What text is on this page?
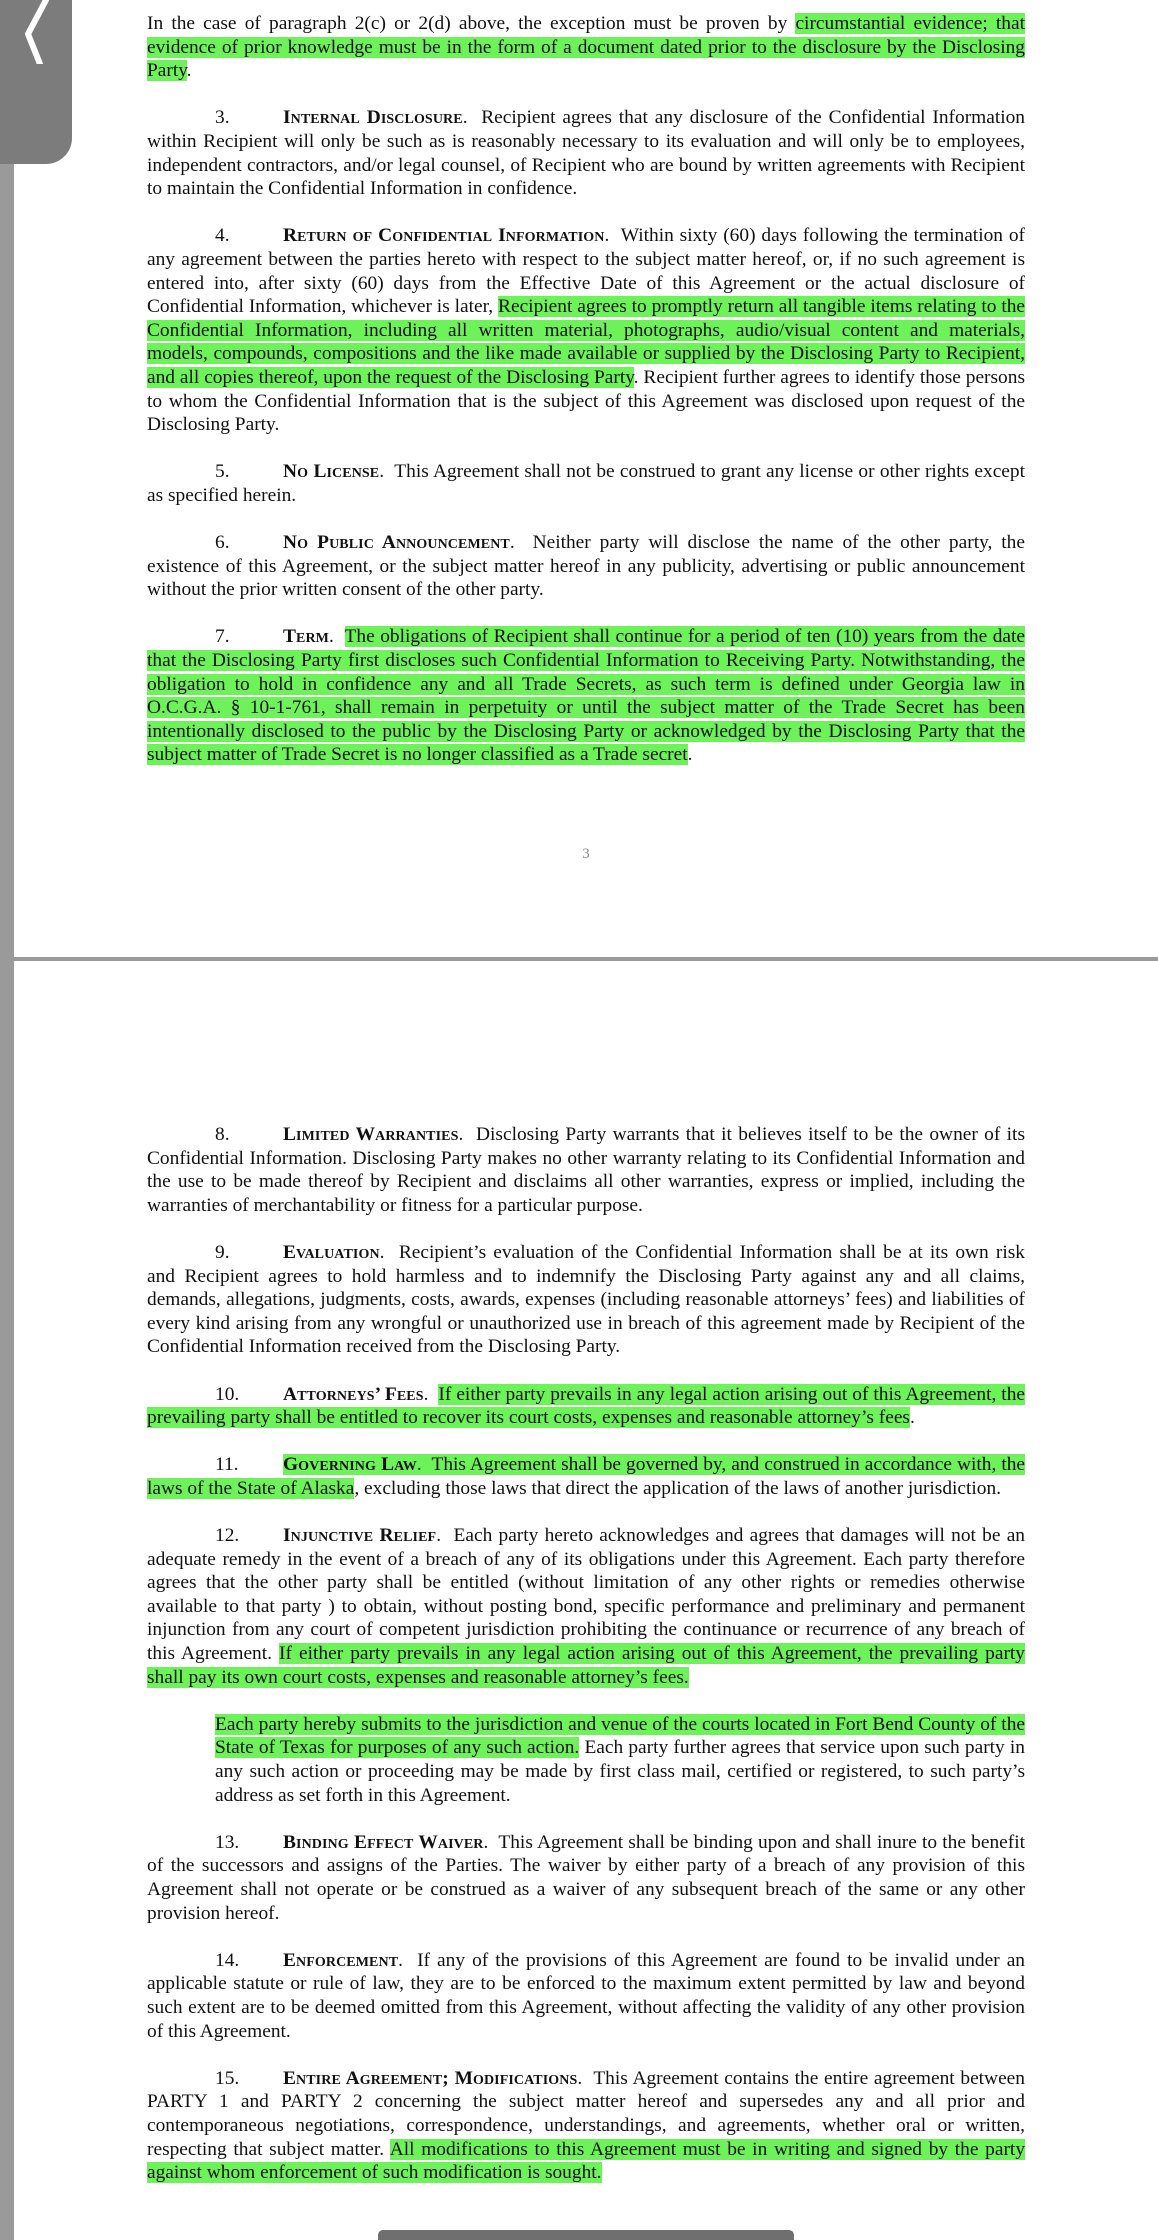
In the case of paragraph 2(c) or 2(d) above, the exception must be proven by circumstantial evidence; that evidence of prior knowledge must be in the form of a document dated prior to the disclosure by the Disclosing Party.

3.	Internal Disclosure.  Recipient agrees that any disclosure of the Confidential Information within Recipient will only be such as is reasonably necessary to its evaluation and will only be to employees, independent contractors, and/or legal counsel, of Recipient who are bound by written agreements with Recipient to maintain the Confidential Information in confidence.

4.	Return of Confidential Information.  Within sixty (60) days following the termination of any agreement between the parties hereto with respect to the subject matter hereof, or, if no such agreement is entered into, after sixty (60) days from the Effective Date of this Agreement or the actual disclosure of Confidential Information, whichever is later, Recipient agrees to promptly return all tangible items relating to the Confidential Information, including all written material, photographs, audio/visual content and materials, models, compounds, compositions and the like made available or supplied by the Disclosing Party to Recipient, and all copies thereof, upon the request of the Disclosing Party. Recipient further agrees to identify those persons to whom the Confidential Information that is the subject of this Agreement was disclosed upon request of the Disclosing Party.

5.	No License.  This Agreement shall not be construed to grant any license or other rights except as specified herein.

6.	No Public Announcement.  Neither party will disclose the name of the other party, the existence of this Agreement, or the subject matter hereof in any publicity, advertising or public announcement without the prior written consent of the other party.

7.	Term.  The obligations of Recipient shall continue for a period of ten (10) years from the date that the Disclosing Party first discloses such Confidential Information to Receiving Party. Notwithstanding, the obligation to hold in confidence any and all Trade Secrets, as such term is defined under Georgia law in O.C.G.A. § 10-1-761, shall remain in perpetuity or until the subject matter of the Trade Secret has been intentionally disclosed to the public by the Disclosing Party or acknowledged by the Disclosing Party that the subject matter of Trade Secret is no longer classified as a Trade secret.

3

8.	Limited Warranties.  Disclosing Party warrants that it believes itself to be the owner of its Confidential Information. Disclosing Party makes no other warranty relating to its Confidential Information and the use to be made thereof by Recipient and disclaims all other warranties, express or implied, including the warranties of merchantability or fitness for a particular purpose.

9.	Evaluation.  Recipient’s evaluation of the Confidential Information shall be at its own risk and Recipient agrees to hold harmless and to indemnify the Disclosing Party against any and all claims, demands, allegations, judgments, costs, awards, expenses (including reasonable attorneys’ fees) and liabilities of every kind arising from any wrongful or unauthorized use in breach of this agreement made by Recipient of the Confidential Information received from the Disclosing Party.

10. Attorneys’ Fees.  If either party prevails in any legal action arising out of this Agreement, the prevailing party shall be entitled to recover its court costs, expenses and reasonable attorney’s fees.

11. Governing Law.  This Agreement shall be governed by, and construed in accordance with, the laws of the State of Alaska, excluding those laws that direct the application of the laws of another jurisdiction.

12. Injunctive Relief.  Each party hereto acknowledges and agrees that damages will not be an adequate remedy in the event of a breach of any of its obligations under this Agreement. Each party therefore agrees that the other party shall be entitled (without limitation of any other rights or remedies otherwise available to that party ) to obtain, without posting bond, specific performance and preliminary and permanent injunction from any court of competent jurisdiction prohibiting the continuance or recurrence of any breach of this Agreement. If either party prevails in any legal action arising out of this Agreement, the prevailing party shall pay its own court costs, expenses and reasonable attorney’s fees.

Each party hereby submits to the jurisdiction and venue of the courts located in Fort Bend County of the State of Texas for purposes of any such action. Each party further agrees that service upon such party in any such action or proceeding may be made by first class mail, certified or registered, to such party’s address as set forth in this Agreement.

13. Binding Effect Waiver.  This Agreement shall be binding upon and shall inure to the benefit of the successors and assigns of the Parties. The waiver by either party of a breach of any provision of this Agreement shall not operate or be construed as a waiver of any subsequent breach of the same or any other provision hereof.

14. Enforcement.  If any of the provisions of this Agreement are found to be invalid under an applicable statute or rule of law, they are to be enforced to the maximum extent permitted by law and beyond such extent are to be deemed omitted from this Agreement, without affecting the validity of any other provision of this Agreement.

15. Entire Agreement; Modifications.  This Agreement contains the entire agreement between PARTY 1 and PARTY 2 concerning the subject matter hereof and supersedes any and all prior and contemporaneous negotiations, correspondence, understandings, and agreements, whether oral or written, respecting that subject matter. All modifications to this Agreement must be in writing and signed by the party against whom enforcement of such modification is sought.
